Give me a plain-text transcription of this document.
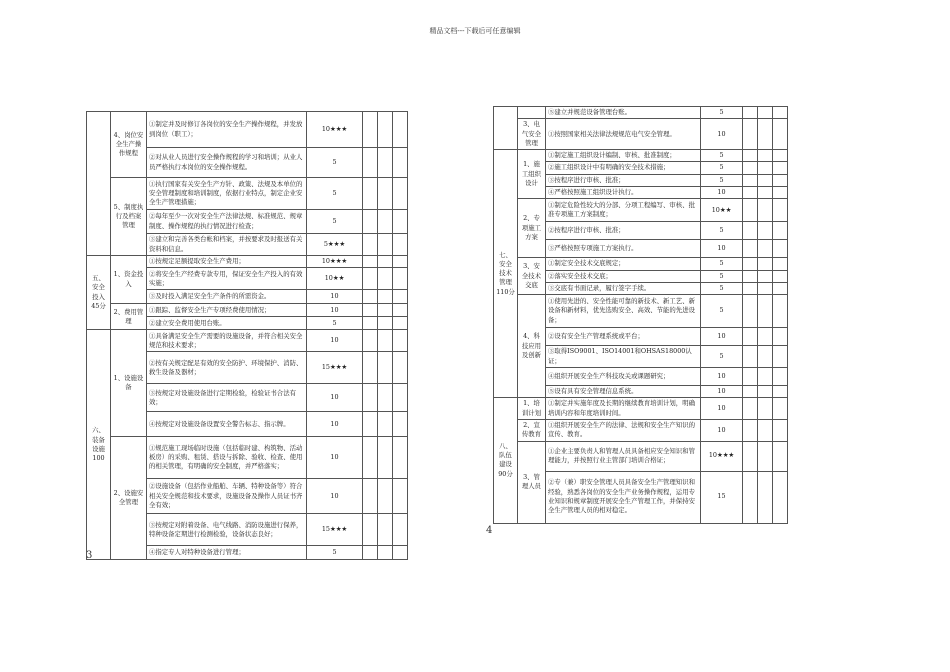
精品文档---下载后可任意编辑
	4、岗位安全生产操作规程	①制定并及时修订各岗位的安全生产操作规程，并发放到岗位（职工）；	10★★★			
		②对从业人员进行安全操作规程的学习和培训；从业人员严格执行本岗位的安全操作规程。	5			
	5、制度执行及档案管理	①执行国家有关安全生产方针、政策、法规及本单位的安全管理制度和培训制度，依据行业特点，制定企业安全生产管理措施；	5			
		②每年至少一次对安全生产法律法规、标准规范、规章制度、操作规程的执行情况进行检查；	5			
		③建立和完善各类台帐和档案，并按要求及时报送有关资料和信息。	5★★★			
五、安全投入45分	1、资金投入	①按规定足额提取安全生产费用；	10★★★			
		②将安全生产经费专款专用，保证安全生产投入的有效实施；	10★★			
		③及时投入满足安全生产条件的所需资金。	10			
	2、费用管理	①跟踪、监督安全生产专项经费使用情况；	10			
		②建立安全费用使用台账。	5			
六、装备设施100	1、设施设备	①具备满足安全生产需要的设施设备，并符合相关安全规范和技术要求；	10			
		②按有关规定配足有效的安全防护、环境保护、消防、救生设备及器材；	15★★★			
		③按规定对设施设备进行定期检验，检验证书合法有效；	10			
		④按规定对设施设备设置安全警告标志、指示牌。	10			
	2、设施安全管理	①规范施工现场临时设施（包括临时建、构筑物、活动板房）的采购、租赁、搭设与拆除、验收、检查、使用的相关管理，有明确的安全制度，并严格落实；	10			
		②设施设备（包括作业船舶、车辆、特种设备等）符合相关安全规范和技术要求，设施设备及操作人员证书齐全有效；	10			
		③按规定对附着设备、电气线路、消防设施进行保养，特种设备定期进行检测检验，设备状态良好；	15★★★			
		④指定专人对特种设备进行管理；	5			
3
		⑤建立并规范设备管理台账。	5			
	3、电气安全管理	①按照国家相关法律法规规范电气安全管理。	10			
七、安全技术管理110分	1、施工组织设计	①制定施工组织设计编制、审核、批准制度；	5			
		②施工组织设计中有明确的安全技术措施；	5			
		③按程序进行审核、批准；	5			
		④严格按照施工组织设计执行。	10			
	2、专项施工方案	①制定危险性较大的分部、分项工程编写、审核、批准专项施工方案制度；	10★★			
		②按程序进行审核、批准；	5			
		③严格按照专项施工方案执行。	10			
	3、安全技术交底	①制定安全技术交底规定；	5			
		②落实安全技术交底；	5			
		③交底有书面记录，履行签字手续。	5			
	4、科技应用及创新	①使用先进的、安全性能可靠的新技术、新工艺、新设备和新材料，优先选购安全、高效、节能的先进设备；	5			
		②设有安全生产管理系统或平台；	10			
		③取得ISO9001、ISO14001和OHSAS18000认证；	5			
		④组织开展安全生产科技攻关或课题研究；	10			
		⑤设有具有安全管理信息系统。	10			
八、队伍建设90分	1、培训计划	①制定并实施年度及长期的继续教育培训计划，明确培训内容和年度培训时间。	10			
	2、宣传教育	①组织开展安全生产的法律、法规和安全生产知识的宣传、教育。	10			
	3、管理人员	①企业主要负责人和管理人员具备相应安全知识和管理能力，并按照行业主管部门培训合格证；	10★★★			
		②专（兼）职安全管理人员具备安全生产管理知识和经验，熟悉各岗位的安全生产业务操作规程，运用专业知识和规章制度开展安全生产管理工作，并保持安全生产管理人员的相对稳定。	15			
4
